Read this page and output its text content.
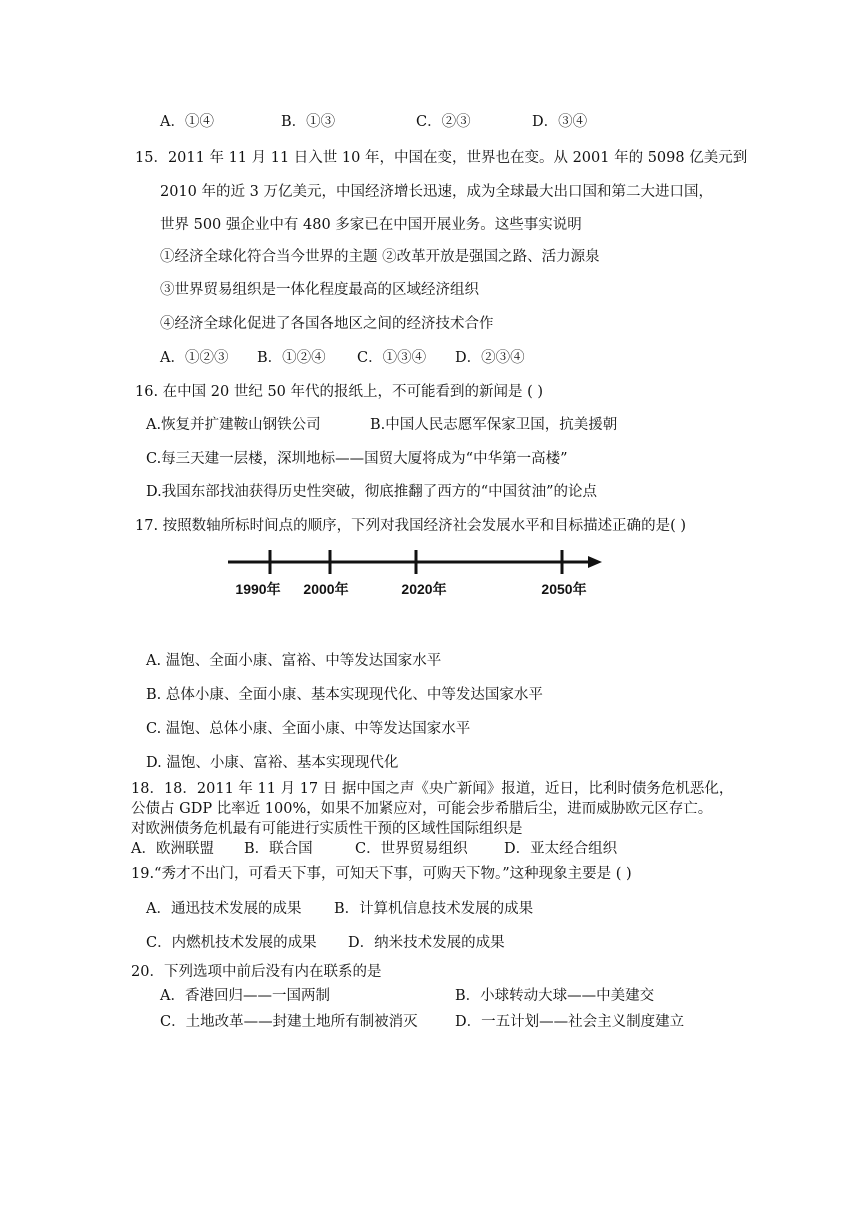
A．①④	B．①③	C．②③	D．③④
15．2011 年 11 月 11 日入世 10 年，中国在变，世界也在变。从 2001 年的 5098 亿美元到
2010 年的近 3 万亿美元，中国经济增长迅速，成为全球最大出口国和第二大进口国，
世界 500 强企业中有 480 多家已在中国开展业务。这些事实说明
①经济全球化符合当今世界的主题 ②改革开放是强国之路、活力源泉
③世界贸易组织是一体化程度最高的区域经济组织
④经济全球化促进了各国各地区之间的经济技术合作
A．①②③ B．①②④ C．①③④ D．②③④
16. 在中国 20 世纪 50 年代的报纸上，不可能看到的新闻是 ( )
A.恢复并扩建鞍山钢铁公司	B.中国人民志愿军保家卫国，抗美援朝
C.每三天建一层楼，深圳地标——国贸大厦将成为“中华第一高楼”
D.我国东部找油获得历史性突破，彻底推翻了西方的“中国贫油”的论点
17. 按照数轴所标时间点的顺序，下列对我国经济社会发展水平和目标描述正确的是( )
1990年 2000年	2020年	2050年
A. 温饱、全面小康、富裕、中等发达国家水平
B. 总体小康、全面小康、基本实现现代化、中等发达国家水平
C. 温饱、总体小康、全面小康、中等发达国家水平
D. 温饱、小康、富裕、基本实现现代化
18．18．2011 年 11 月 17 日 据中国之声《央广新闻》报道，近日，比利时债务危机恶化，
公债占 GDP 比率近 100%，如果不加紧应对，可能会步希腊后尘，进而威胁欧元区存亡。
对欧洲债务危机最有可能进行实质性干预的区域性国际组织是
A．欧洲联盟 B．联合国	C．世界贸易组织	D．亚太经合组织
19.“秀才不出门，可看天下事，可知天下事，可购天下物。”这种现象主要是 ( )
A．通迅技术发展的成果 B．计算机信息技术发展的成果
C．内燃机技术发展的成果 D．纳米技术发展的成果
20．下列选项中前后没有内在联系的是
A．香港回归——一国两制	B．小球转动大球——中美建交
C．土地改革——封建土地所有制被消灭	D．一五计划——社会主义制度建立
